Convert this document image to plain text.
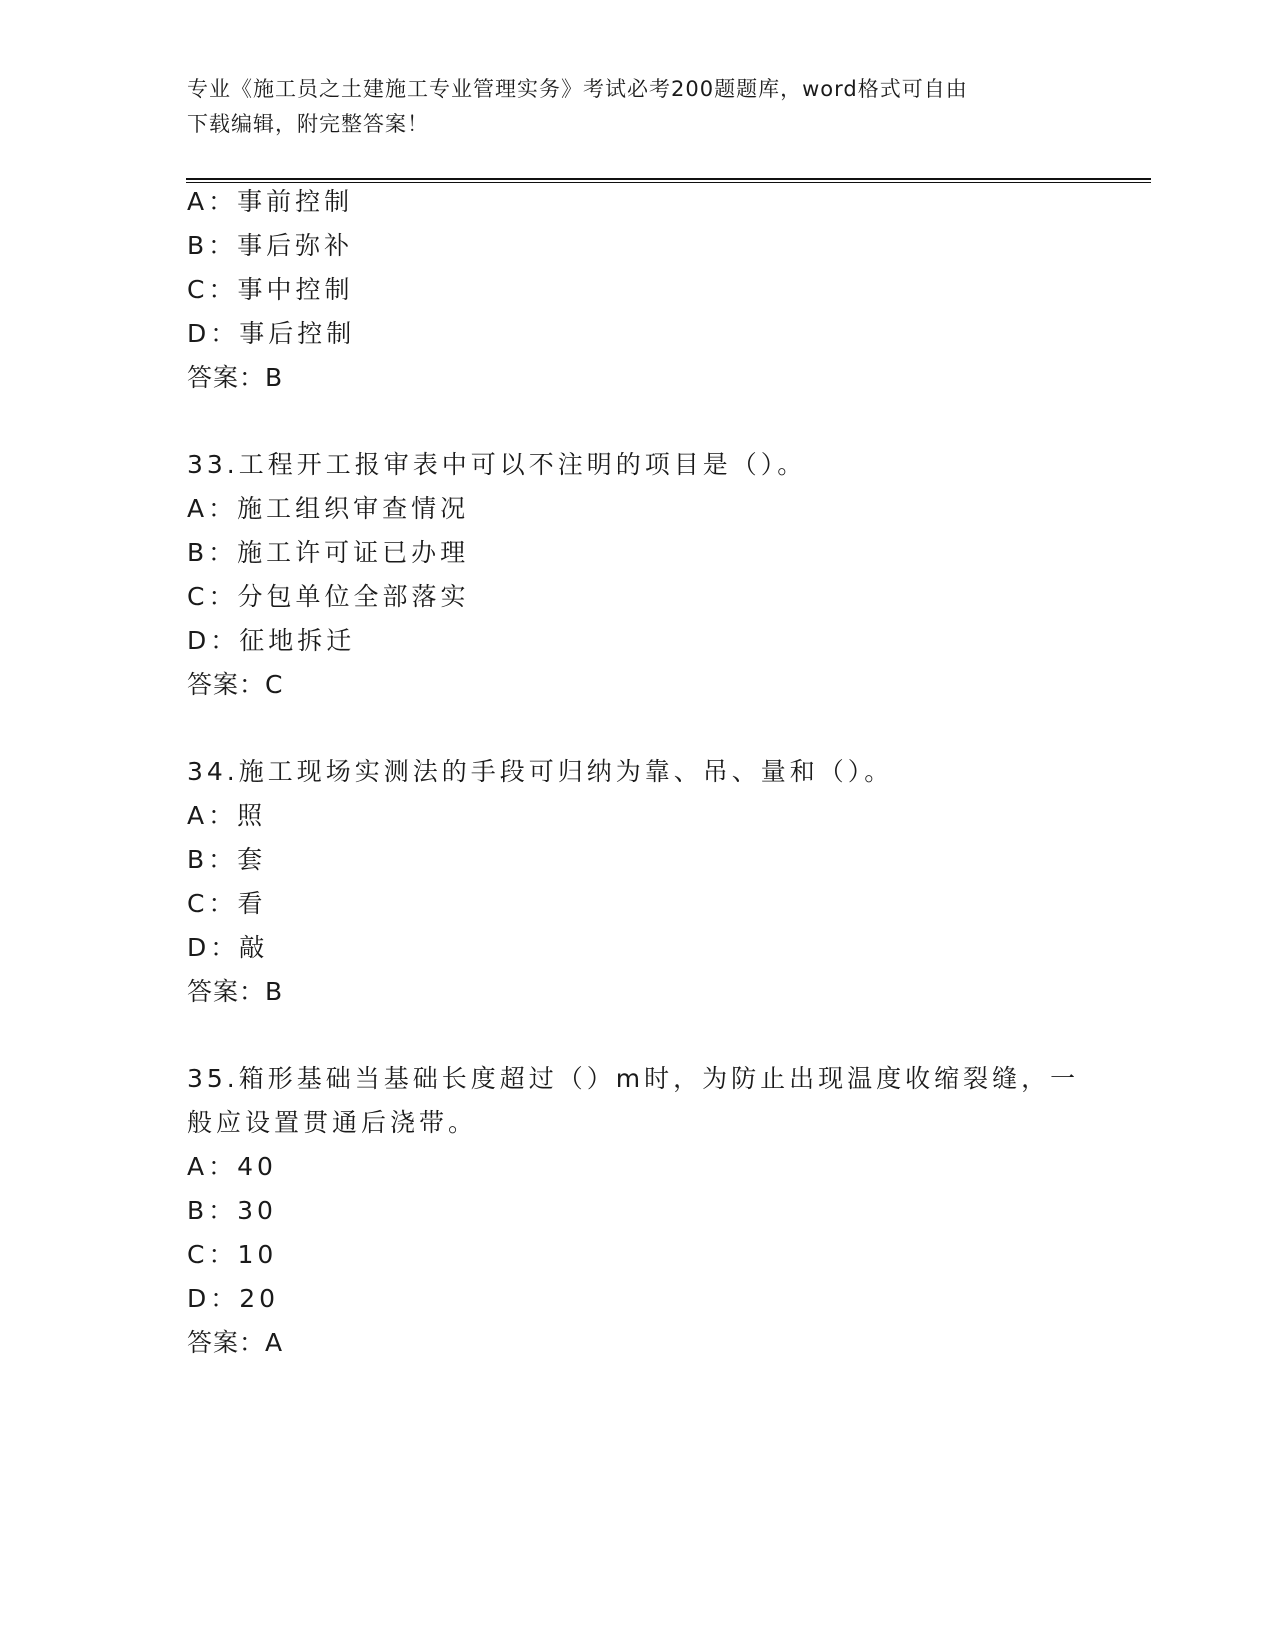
专业《施工员之土建施工专业管理实务》考试必考200题题库，word格式可自由
下载编辑，附完整答案！
A：事前控制
B：事后弥补
C：事中控制
D：事后控制
答案：B
33.工程开工报审表中可以不注明的项目是（）。
A：施工组织审查情况
B：施工许可证已办理
C：分包单位全部落实
D：征地拆迁
答案：C
34.施工现场实测法的手段可归纳为靠、吊、量和（）。
A：照
B：套
C：看
D：敲
答案：B
35.箱形基础当基础长度超过（）m时，为防止出现温度收缩裂缝，一
般应设置贯通后浇带。
A：40
B：30
C：10
D：20
答案：A
